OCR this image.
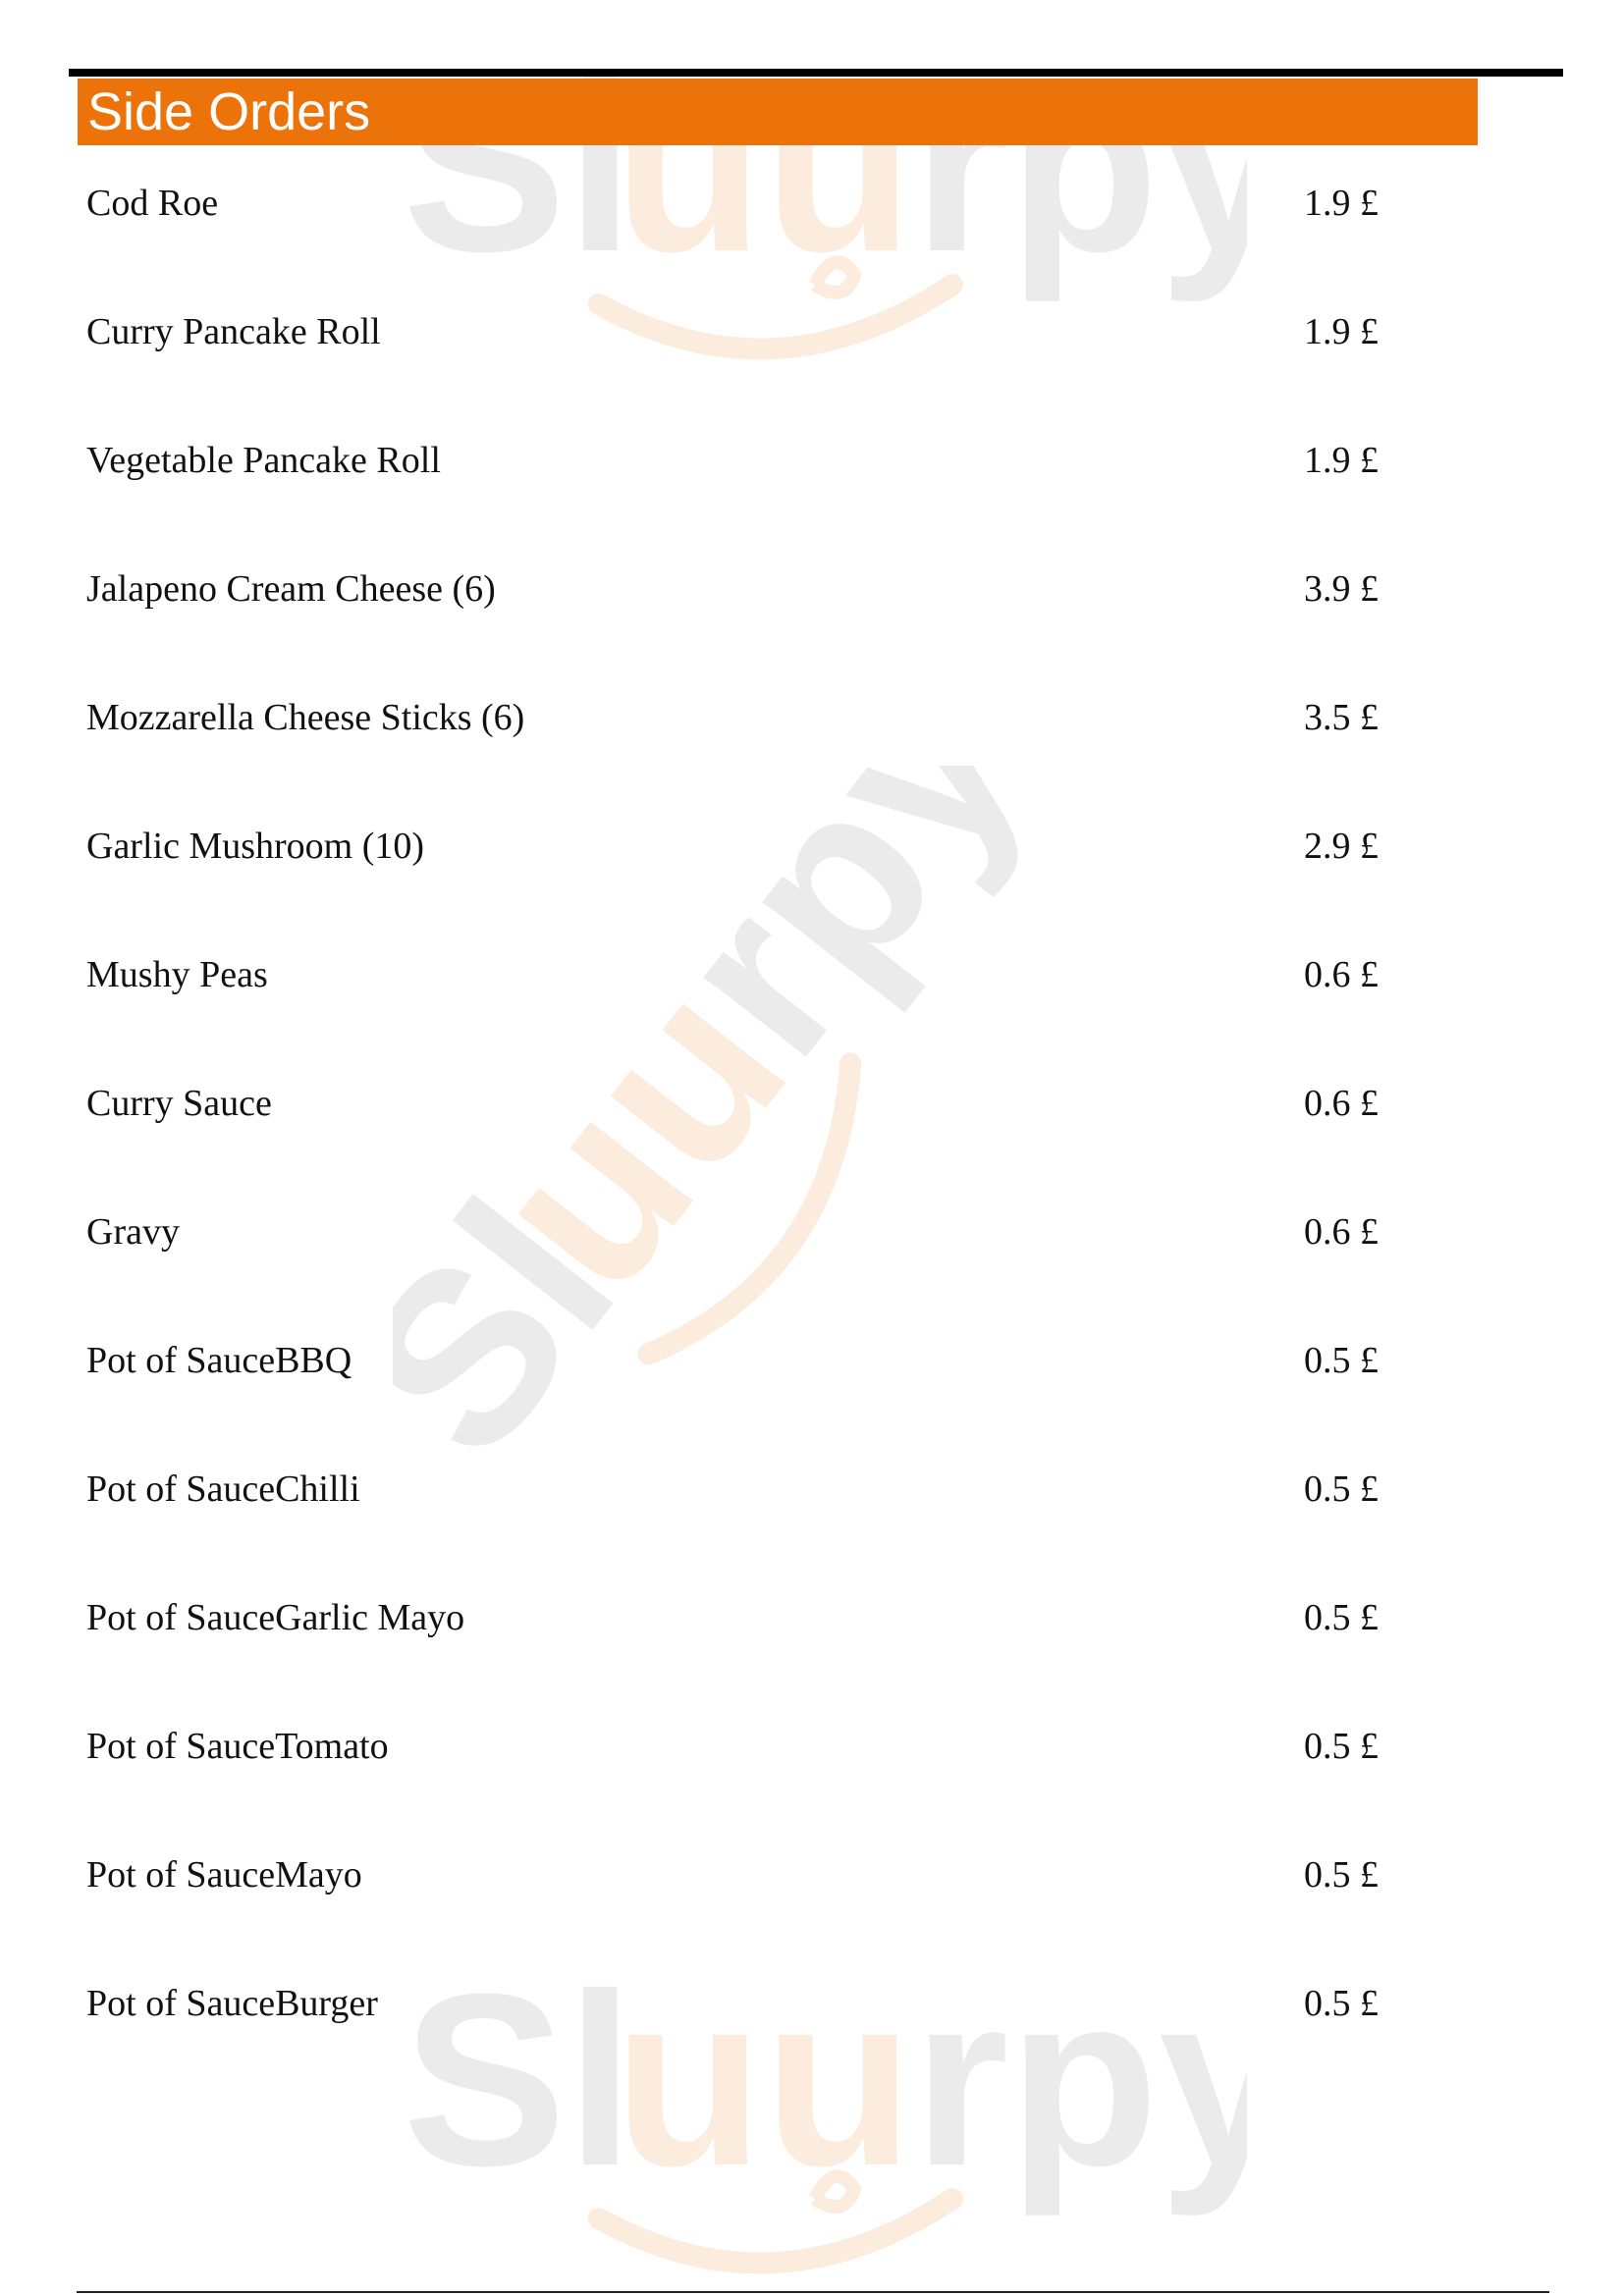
Sl
uu rpy
Sl
uu
rpy
Sl
uu rpy
Side Orders
Cod Roe	1.9 £
Curry Pancake Roll	1.9 £
Vegetable Pancake Roll	1.9 £
Jalapeno Cream Cheese (6)	3.9 £
Mozzarella Cheese Sticks (6)	3.5 £
Garlic Mushroom (10)	2.9 £
Mushy Peas	0.6 £
Curry Sauce	0.6 £
Gravy	0.6 £
Pot of SauceBBQ	0.5 £
Pot of SauceChilli	0.5 £
Pot of SauceGarlic Mayo	0.5 £
Pot of SauceTomato	0.5 £
Pot of SauceMayo	0.5 £
Pot of SauceBurger	0.5 £
